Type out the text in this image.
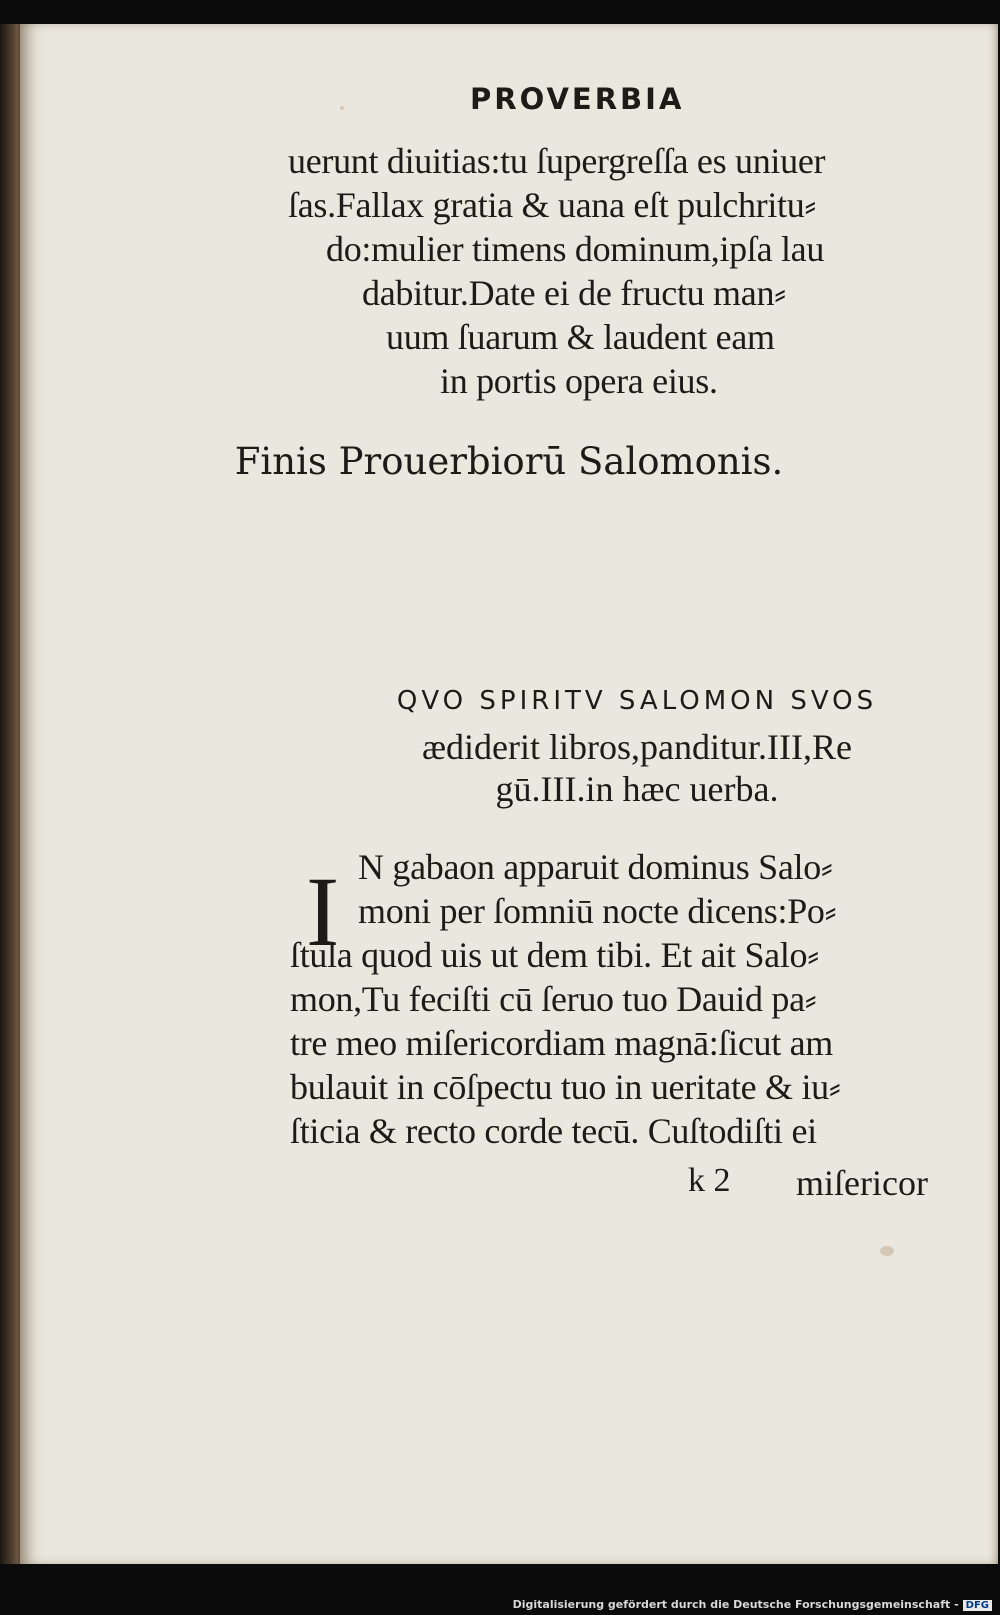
PROVERBIA
uerunt diuitias:tu ſupergreſſa es uniuer
ſas.Fallax gratia & uana eſt pulchritu⸗
do:mulier timens dominum,ipſa lau
dabitur.Date ei de fructu man⸗
uum ſuarum & laudent eam
in portis opera eius.
Finis Prouerbiorū Salomonis.
QVO SPIRITV SALOMON SVOS
ædiderit libros,panditur.III,Re
gū.III.in hæc uerba.
I N gabaon apparuit dominus Salo⸗
moni per ſomniū nocte dicens:Po⸗
ſtula quod uis ut dem tibi. Et ait Salo⸗
mon,Tu feciſti cū ſeruo tuo Dauid pa⸗
tre meo miſericordiam magnā:ſicut am
bulauit in cōſpectu tuo in ueritate & iu⸗
ſticia & recto corde tecū. Cuſtodiſti ei
k 2 miſericor
Digitalisierung gefördert durch die Deutsche Forschungsgemeinschaft - DFG
